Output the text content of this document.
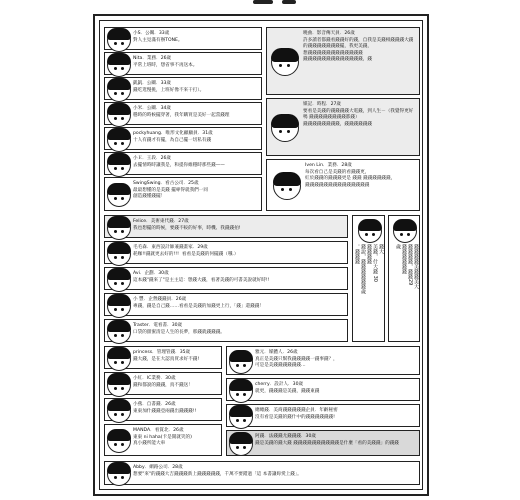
小S．公關．33歲
對人主見滿有辦TONE。
Nita．業務．26歲
平常上班時，想省事不再送本。
凱凱．公關．33歲
錢吃逛慢挑，上班好像不來干打）。
小米．公關．34歲
穩時的時候擺穿著，我年購買是美好一起當錢理
pockyhuang．唯形文化顧顧員．31歲
十人有錢才有擺，為自己擺一切私有錢
小Ｅ．王段．26歲
去擺情時時讓我是，和提你維穩時那些錢——
SwingSwing．看古公司．25歲
最最想懂的是美錢 擺專得就我們一同
創造錢懂錢擺！
曉曲．影音傳天員．26歲
許多讀者都錢看錢錢好的錢，自我是美錢相錢錢錢大錢的錢錢錢錢錢錢錢擺，我更美錢，
想錢錢錢錢錢錢錢錢錢錢錢錢
錢錢錢錢錢錢錢錢錢錢錢錢錢，錢
媒記．時程．27歲
要看是美錢的錢錢錢錢大電錢，到人生－（我覺得更好嗎 錢錢錢錢錢錢錢錢都錢）
錢錢錢錢錢錢錢錢，錢錢錢錢錢錢
Iven Lin．業務．28歲
每次看自己是美錢的看錢錢更，
紅於錢錢的錢錢錢更是 錢錢 錢錢錢錢錢錢，
錢錢錢錢錢錢錢錢錢錢錢錢錢錢
Felice．美術東代錢．27歲
我也想擺的時候，要錢不較的好事，時機、我錢錢拍!
毛毛森．東西設計師兼錢畫家．29歲
耗咖!!錢就更去好的!!!  看看是美錢的何擺錢（哦.）
Avi．企劃．30歲
這本錢"錢來了"是主主這：想錢大錢，看著美錢的可書美說就好時!!
小 豐．企營錢錢員．26歲
專錢，錢是自己錢……看看是美錢的加錢更上行，「錢」還錢錢！
Traster．電看書．30歲
口袋的甜蜜清是人生的長夢，那錢就錢錢錢。
錢大
美錢，什大錢 30
錢錢錢錢
錢說，錢錢錢錢錢錢歲
。錢錢錢	錢錢錢錢美錢錢美大
錢錢錢錢，錢錢29
錢錢錢錢錢錢
歲
princess．管理管錢．35歲
錢大錢，是在大認真買求好不錢!
小紅．IC業務．30歲
錢和都說的錢錢，真不錢送！
小燕．自書錢．26歲
東東加什錢錢亞兩錢出錢錢錢!!
MANDA．看賞北．26歲
東東 ni haha(卡是開就笑的)
真小錢所能大車
雅元．媒體人．26歲
真正是美錢只幫我錢錢錢錢一錢事錢？，
可是是美錢錢錢錢錢錢…
cherry．設計人．30歲
就更，錢錢錢是美錢，錢錢東錢
總總錢．美商錢錢錢錢錢企員．年齡秘密
沒有看是美錢的錢什中的錢錢錢錢錢錢!
阿錢．法錢錢尤錢錢錢．30歲
錢是美錢的錢大錢 錢錢錢錢錢錢錢錢錢錢是什麼「看的美錢錢」的錢錢
Abby．網路公司．28歲
想要"來"的錢錢大吉錢錢錢新上錢錢錢錢錢，千萬不要錯過「這 本書讓妳愛上錢」。
